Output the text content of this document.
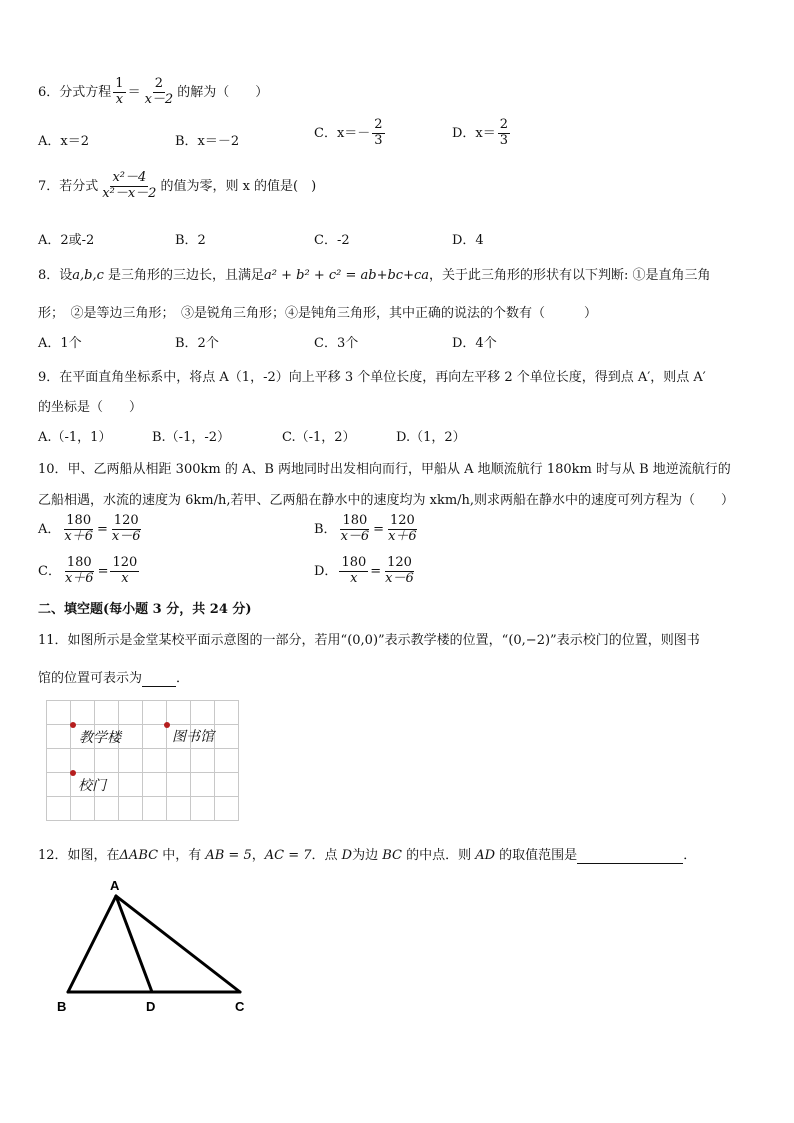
6．分式方程 $\frac{1}{x} = \frac{2}{x-2}$ 的解为（　　）
A．x＝2	B．x＝－2
C．$x=- \frac{2}{3}$	D．$x= \frac{2}{3}$
7．若分式 $\frac{\text{x²－4}}{\text{x²－x－2}}$ 的值为零，则 x 的值是(　)
A．2或-2	B．2	C．-2	D．4
8．设a,b,c 是三角形的三边长，且满足a² + b² + c² = ab+bc+ca，关于此三角形的形状有以下判断: ①是直角三角
形；　②是等边三角形；　③是锐角三角形；④是钝角三角形，其中正确的说法的个数有（　　　）
A．1个	B．2个	C．3个	D．4个
9．在平面直角坐标系中，将点 A（1，-2）向上平移 3 个单位长度，再向左平移 2 个单位长度，得到点 A′，则点 A′
的坐标是（　　）
A.（-1，1）	B.（-1，-2）	C.（-1，2）	D.（1，2）
10．甲、乙两船从相距 300km 的 A、B 两地同时出发相向而行，甲船从 A 地顺流航行 180km 时与从 B 地逆流航行的
乙船相遇，水流的速度为 6km/h,若甲、乙两船在静水中的速度均为 xkm/h,则求两船在静水中的速度可列方程为（　　）
A． $\frac{180}{x+6} = \frac{120}{x-6}$	B． $\frac{180}{x-6} = \frac{120}{x+6}$
C． $\frac{180}{x+6} = \frac{120}{x}$	D． $\frac{180}{x} = \frac{120}{x-6}$
二、填空题(每小题 3 分，共 24 分)
11．如图所示是金堂某校平面示意图的一部分，若用“(0,0)”表示教学楼的位置，“(0,−2)”表示校门的位置，则图书
馆的位置可表示为	．
教学楼	图书馆
校门
12．如图，在ΔABC 中，有 AB = 5，AC = 7．点 D为边 BC 的中点．则 AD 的取值范围是	．
A
B	D	C
